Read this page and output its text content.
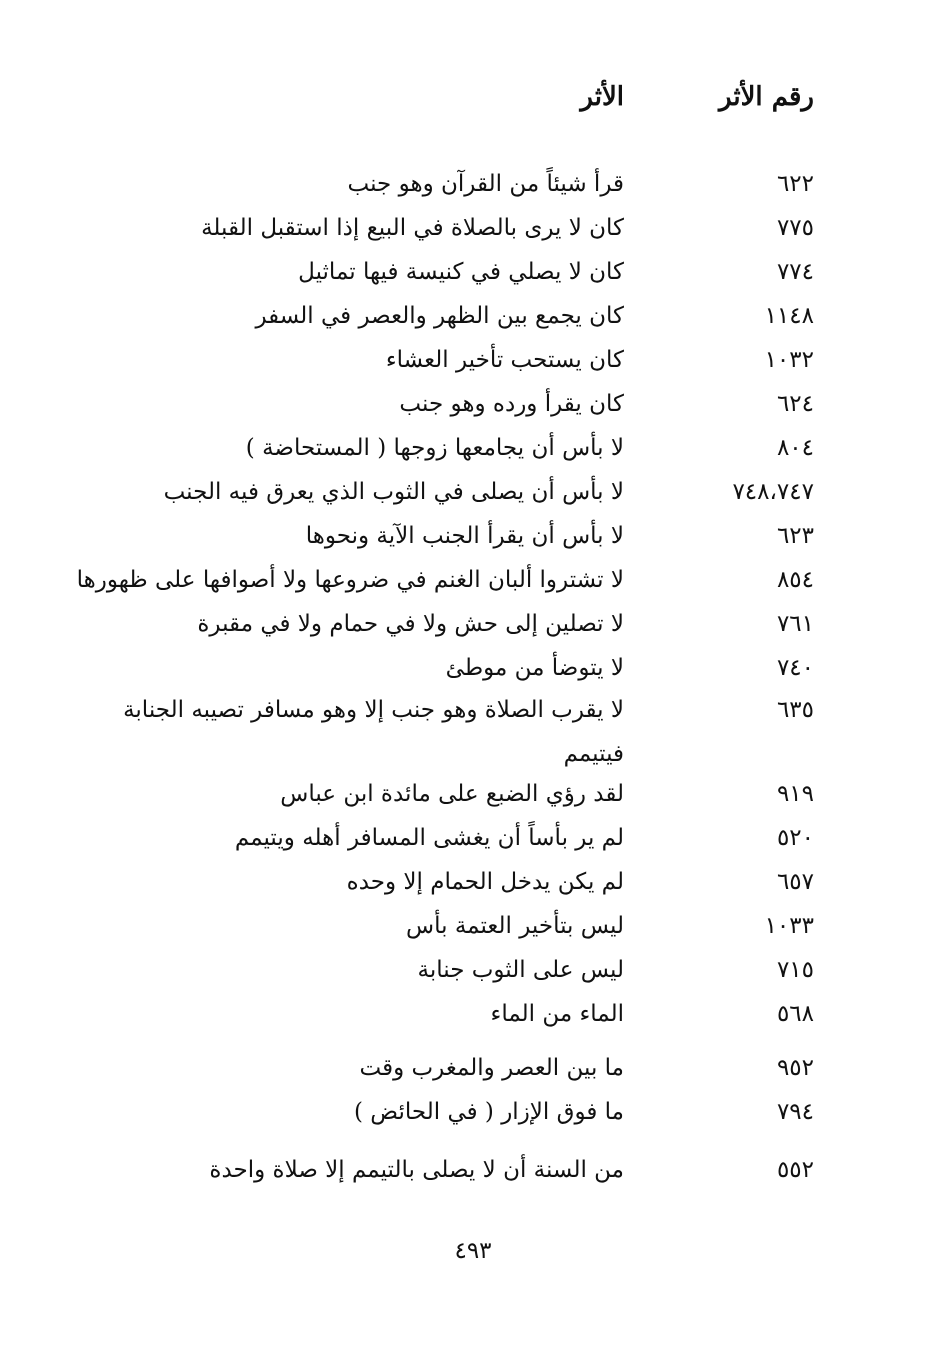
رقم الأثر
الأثر
٦٢٢
قرأ شيئاً من القرآن وهو جنب
٧٧٥
كان لا يرى بالصلاة في البيع إذا استقبل القبلة
٧٧٤
كان لا يصلي في كنيسة فيها تماثيل
١١٤٨
كان يجمع بين الظهر والعصر في السفر
١٠٣٢
كان يستحب تأخير العشاء
٦٢٤
كان يقرأ ورده وهو جنب
٨٠٤
لا بأس أن يجامعها زوجها ( المستحاضة )
٧٤٨،٧٤٧
لا بأس أن يصلى في الثوب الذي يعرق فيه الجنب
٦٢٣
لا بأس أن يقرأ الجنب الآية ونحوها
٨٥٤
لا تشتروا ألبان الغنم في ضروعها ولا أصوافها على ظهورها
٧٦١
لا تصلين إلى حش ولا في حمام ولا في مقبرة
٧٤٠
لا يتوضأ من موطئ
٦٣٥
لا يقرب الصلاة وهو جنب إلا وهو مسافر تصيبه الجنابة فيتيمم
٩١٩
لقد رؤي الضبع على مائدة ابن عباس
٥٢٠
لم ير بأساً أن يغشى المسافر أهله ويتيمم
٦٥٧
لم يكن يدخل الحمام إلا وحده
١٠٣٣
ليس بتأخير العتمة بأس
٧١٥
ليس على الثوب جنابة
٥٦٨
الماء من الماء
٩٥٢
ما بين العصر والمغرب وقت
٧٩٤
ما فوق الإزار ( في الحائض )
٥٥٢
من السنة أن لا يصلى بالتيمم إلا صلاة واحدة
٤٩٣
